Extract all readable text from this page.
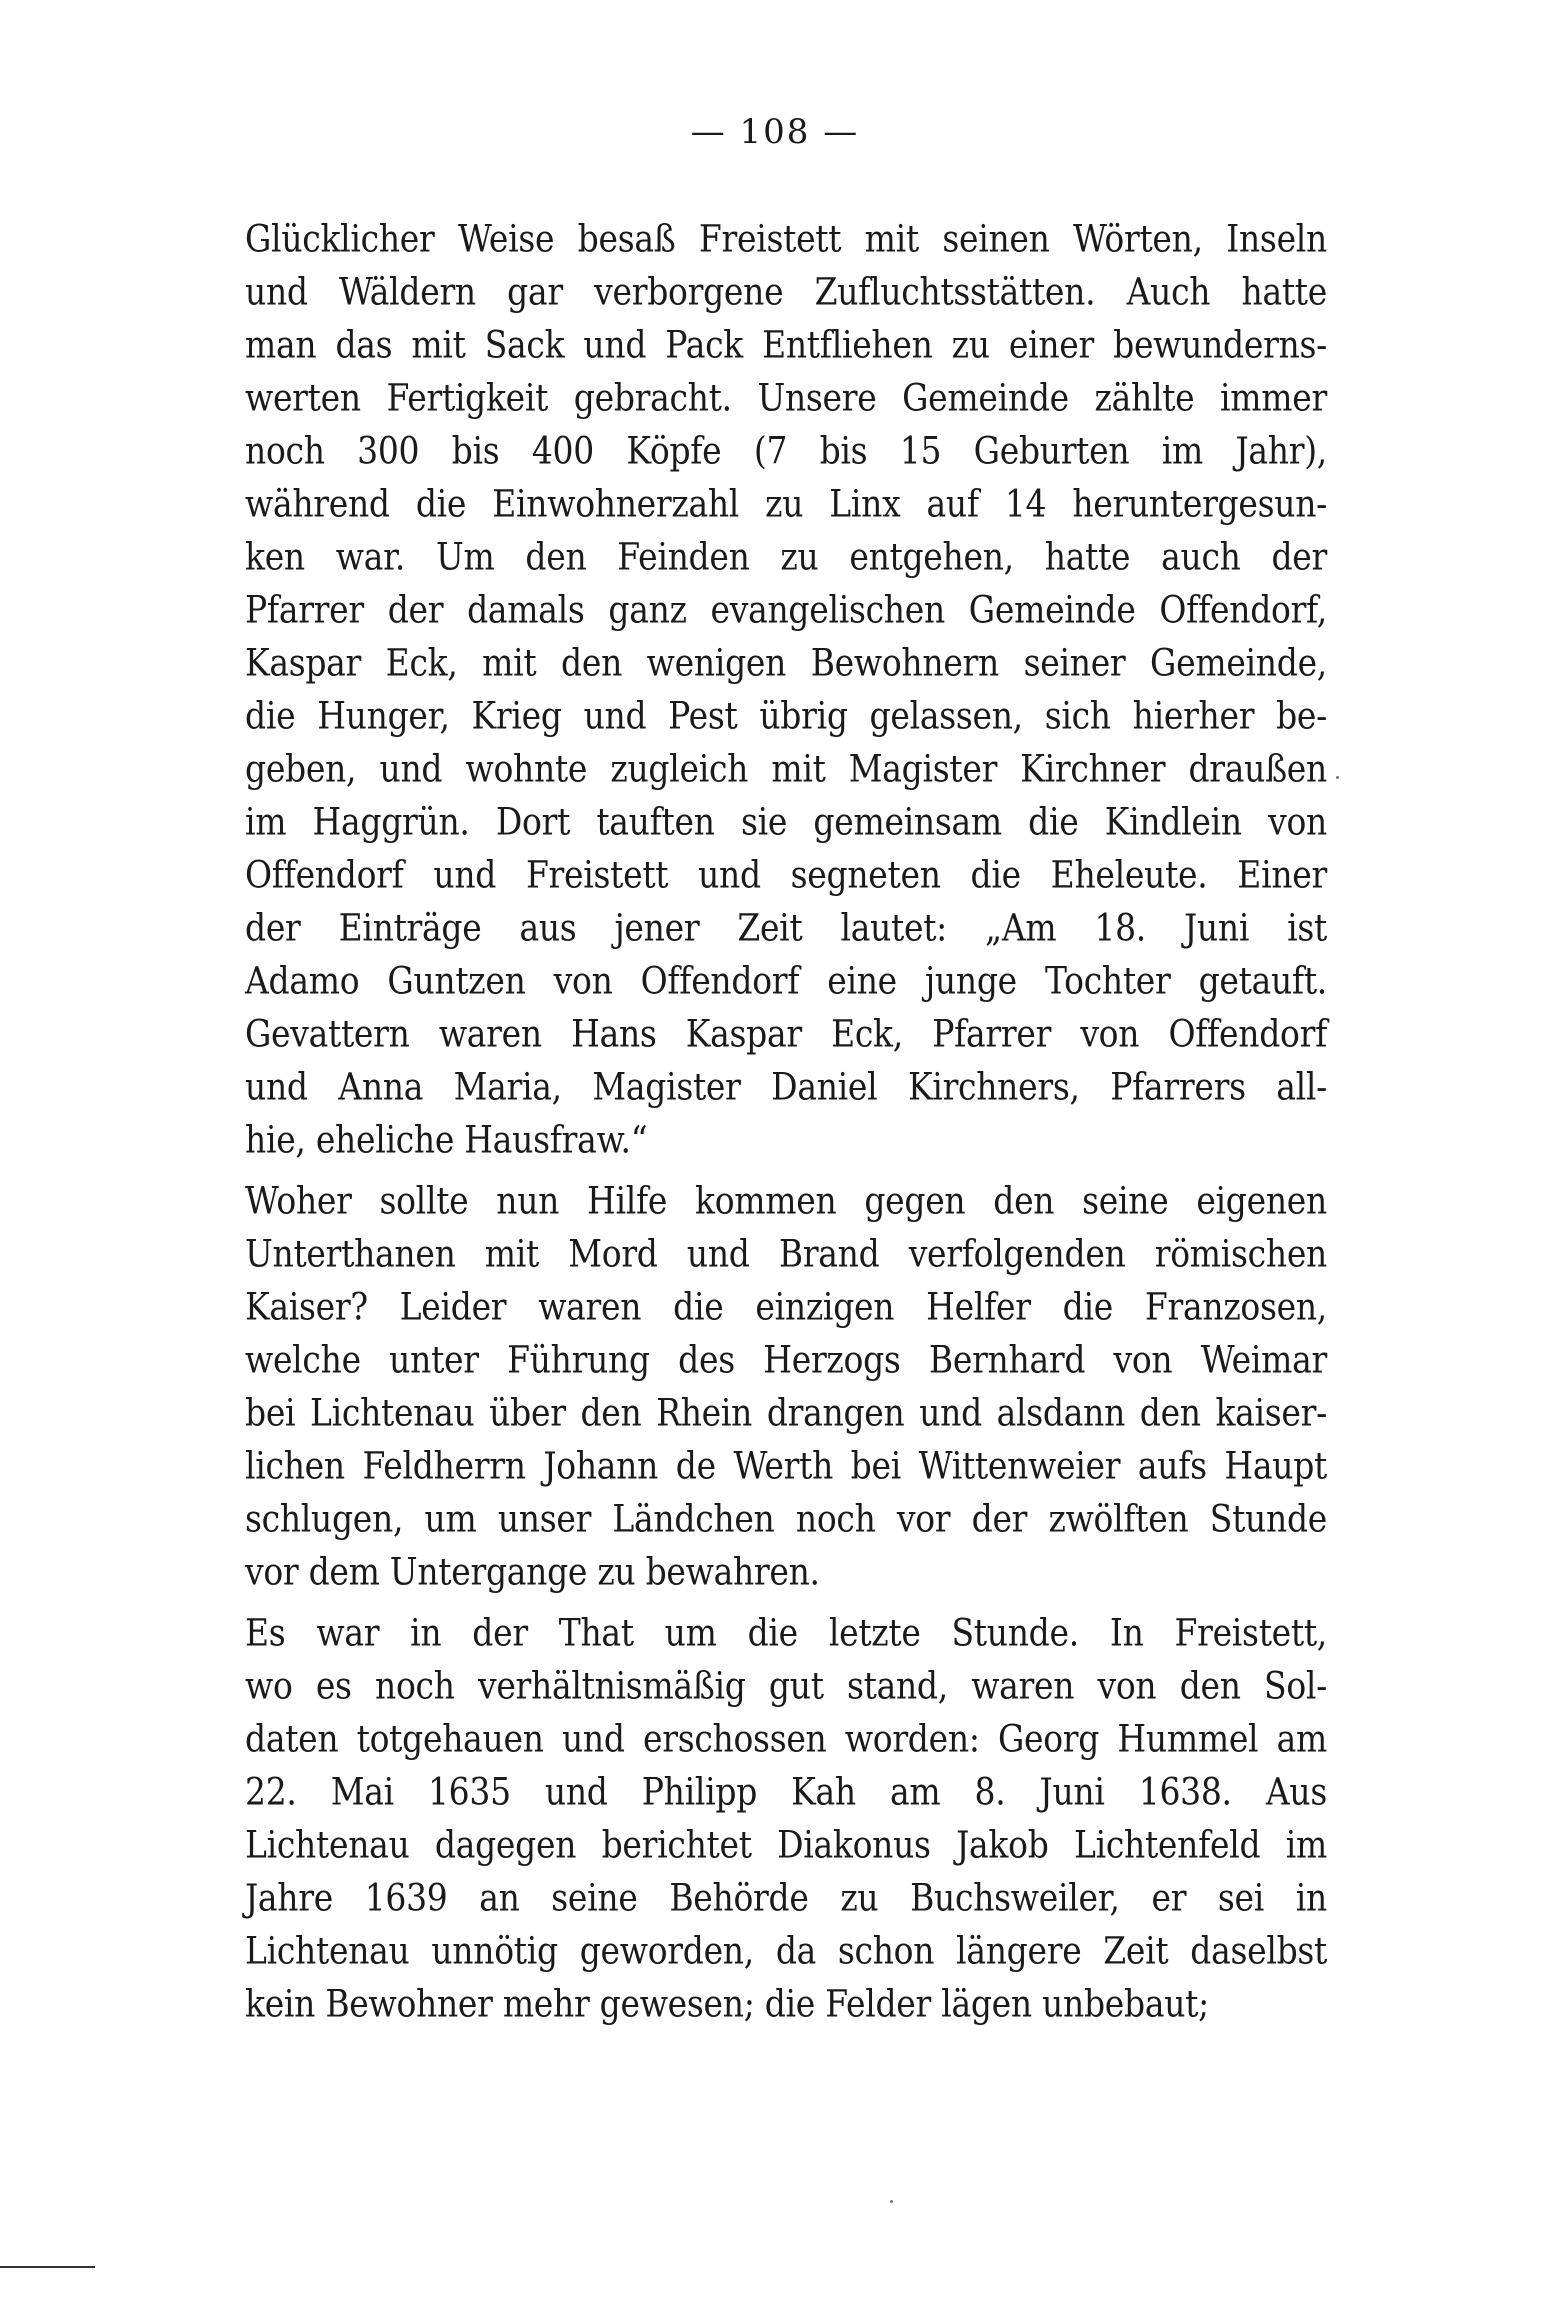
— 108 —
Glücklicher Weise besaß Freistett mit seinen Wörten, Inseln
und Wäldern gar verborgene Zufluchtsstätten. Auch hatte
man das mit Sack und Pack Entfliehen zu einer bewunderns-
werten Fertigkeit gebracht. Unsere Gemeinde zählte immer
noch 300 bis 400 Köpfe (7 bis 15 Geburten im Jahr),
während die Einwohnerzahl zu Linx auf 14 heruntergesun-
ken war. Um den Feinden zu entgehen, hatte auch der
Pfarrer der damals ganz evangelischen Gemeinde Offendorf,
Kaspar Eck, mit den wenigen Bewohnern seiner Gemeinde,
die Hunger, Krieg und Pest übrig gelassen, sich hierher be-
geben, und wohnte zugleich mit Magister Kirchner draußen
im Haggrün. Dort tauften sie gemeinsam die Kindlein von
Offendorf und Freistett und segneten die Eheleute. Einer
der Einträge aus jener Zeit lautet: „Am 18. Juni ist
Adamo Guntzen von Offendorf eine junge Tochter getauft.
Gevattern waren Hans Kaspar Eck, Pfarrer von Offendorf
und Anna Maria, Magister Daniel Kirchners, Pfarrers all-
hie, eheliche Hausfraw.“
Woher sollte nun Hilfe kommen gegen den seine eigenen
Unterthanen mit Mord und Brand verfolgenden römischen
Kaiser? Leider waren die einzigen Helfer die Franzosen,
welche unter Führung des Herzogs Bernhard von Weimar
bei Lichtenau über den Rhein drangen und alsdann den kaiser-
lichen Feldherrn Johann de Werth bei Wittenweier aufs Haupt
schlugen, um unser Ländchen noch vor der zwölften Stunde
vor dem Untergange zu bewahren.
Es war in der That um die letzte Stunde. In Freistett,
wo es noch verhältnismäßig gut stand, waren von den Sol-
daten totgehauen und erschossen worden: Georg Hummel am
22. Mai 1635 und Philipp Kah am 8. Juni 1638. Aus
Lichtenau dagegen berichtet Diakonus Jakob Lichtenfeld im
Jahre 1639 an seine Behörde zu Buchsweiler, er sei in
Lichtenau unnötig geworden, da schon längere Zeit daselbst
kein Bewohner mehr gewesen; die Felder lägen unbebaut;
